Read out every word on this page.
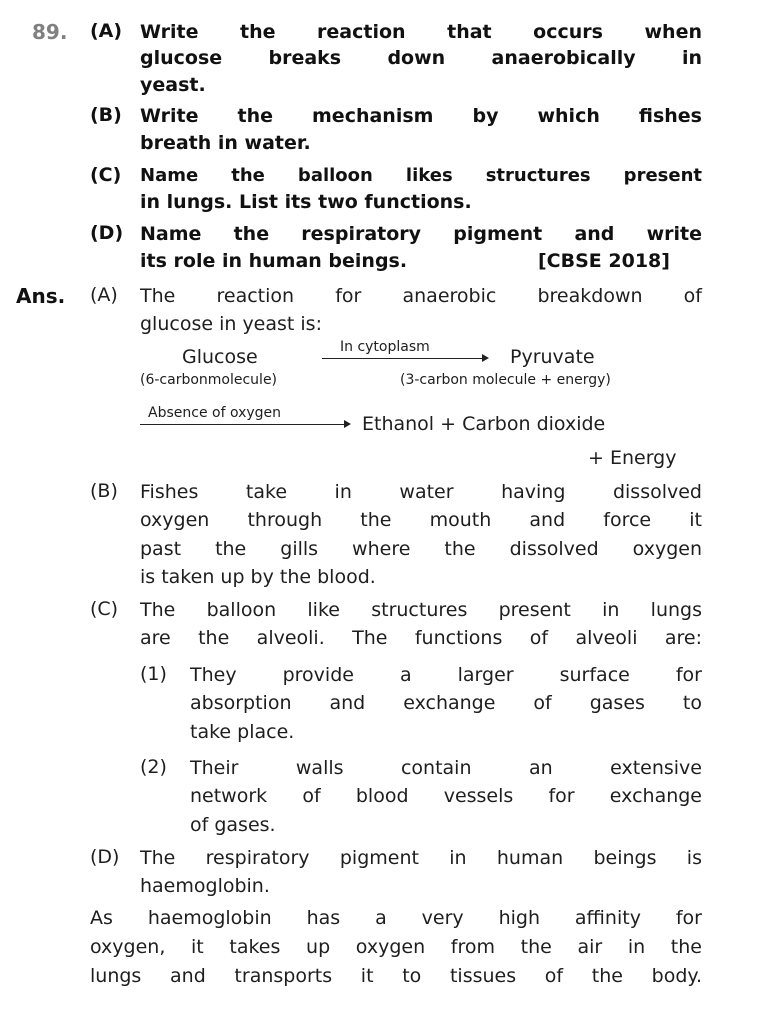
89. (A) Write the reaction that occurs when
glucose breaks down anaerobically in
yeast.
(B) Write the mechanism by which fishes
breath in water.
(C) Name the balloon likes structures present
in lungs. List its two functions.
(D) Name the respiratory pigment and write
its role in human beings.	[CBSE 2018]
Ans. (A) The reaction for anaerobic breakdown of
glucose in yeast is:
Glucose	In cytoplasm	Pyruvate
(6-carbonmolecule)	(3-carbon molecule + energy)
Absence of oxygen	Ethanol + Carbon dioxide
+ Energy
(B) Fishes take in water having dissolved
oxygen through the mouth and force it
past the gills where the dissolved oxygen
is taken up by the blood.
(C) The balloon like structures present in lungs
are the alveoli. The functions of alveoli are:
(1) They provide a larger surface for
absorption and exchange of gases to
take place.
(2) Their walls contain an extensive
network of blood vessels for exchange
of gases.
(D) The respiratory pigment in human beings is
haemoglobin.
As haemoglobin has a very high affinity for
oxygen, it takes up oxygen from the air in the
lungs and transports it to tissues of the body.
